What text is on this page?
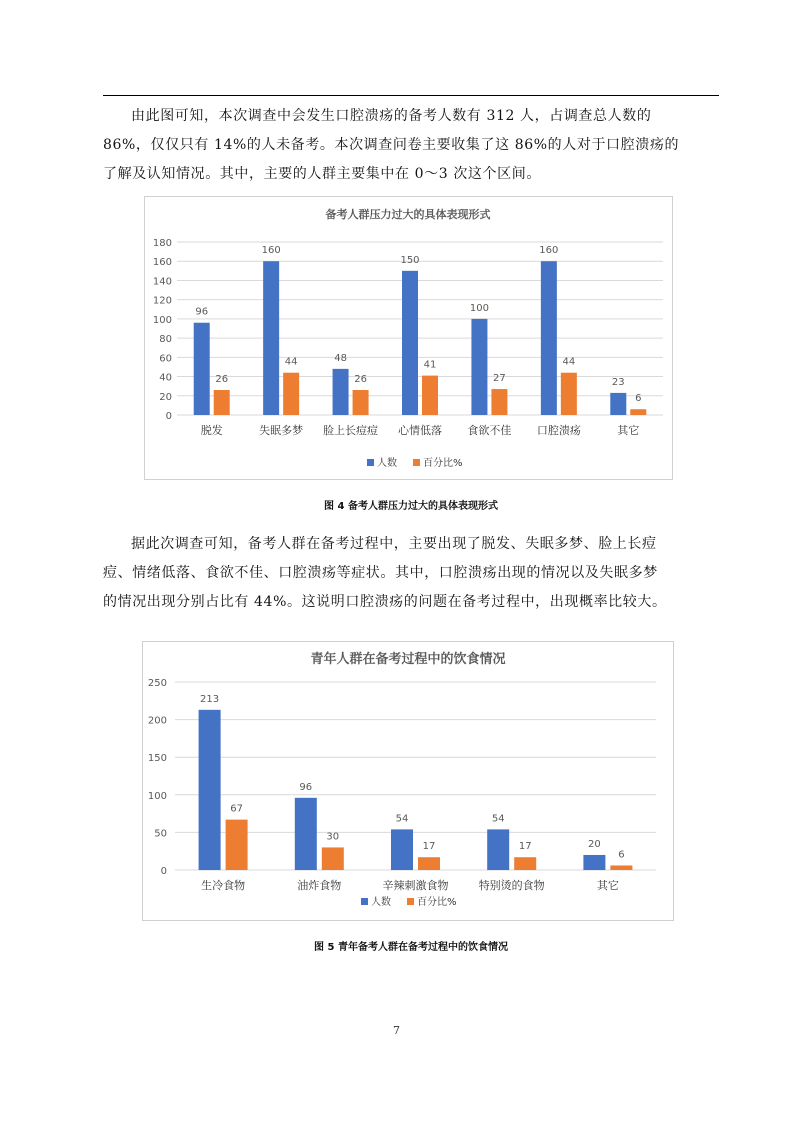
由此图可知，本次调查中会发生口腔溃疡的备考人数有 312 人，占调查总人数的
86%，仅仅只有 14%的人未备考。本次调查问卷主要收集了这 86%的人对于口腔溃疡的
了解及认知情况。其中，主要的人群主要集中在 0～3 次这个区间。

备考人群压力过大的具体表现形式
0
20
40
60
80
100
120
140
160
180
96
26
脱发
160
44
失眠多梦
48
26
脸上长痘痘
150
41
心情低落
100
27
食欲不佳
160
44
口腔溃疡
23
6
其它
人数	百分比%
图 4 备考人群压力过大的具体表现形式

据此次调查可知，备考人群在备考过程中，主要出现了脱发、失眠多梦、脸上长痘
痘、情绪低落、食欲不佳、口腔溃疡等症状。其中，口腔溃疡出现的情况以及失眠多梦
的情况出现分别占比有 44%。这说明口腔溃疡的问题在备考过程中，出现概率比较大。

青年人群在备考过程中的饮食情况
0
50
100
150
200
250
213
67
生冷食物
96
30
油炸食物
54
17
辛辣刺激食物
54
17
特别烫的食物
20
6
其它
人数	百分比%
图 5 青年备考人群在备考过程中的饮食情况
7
